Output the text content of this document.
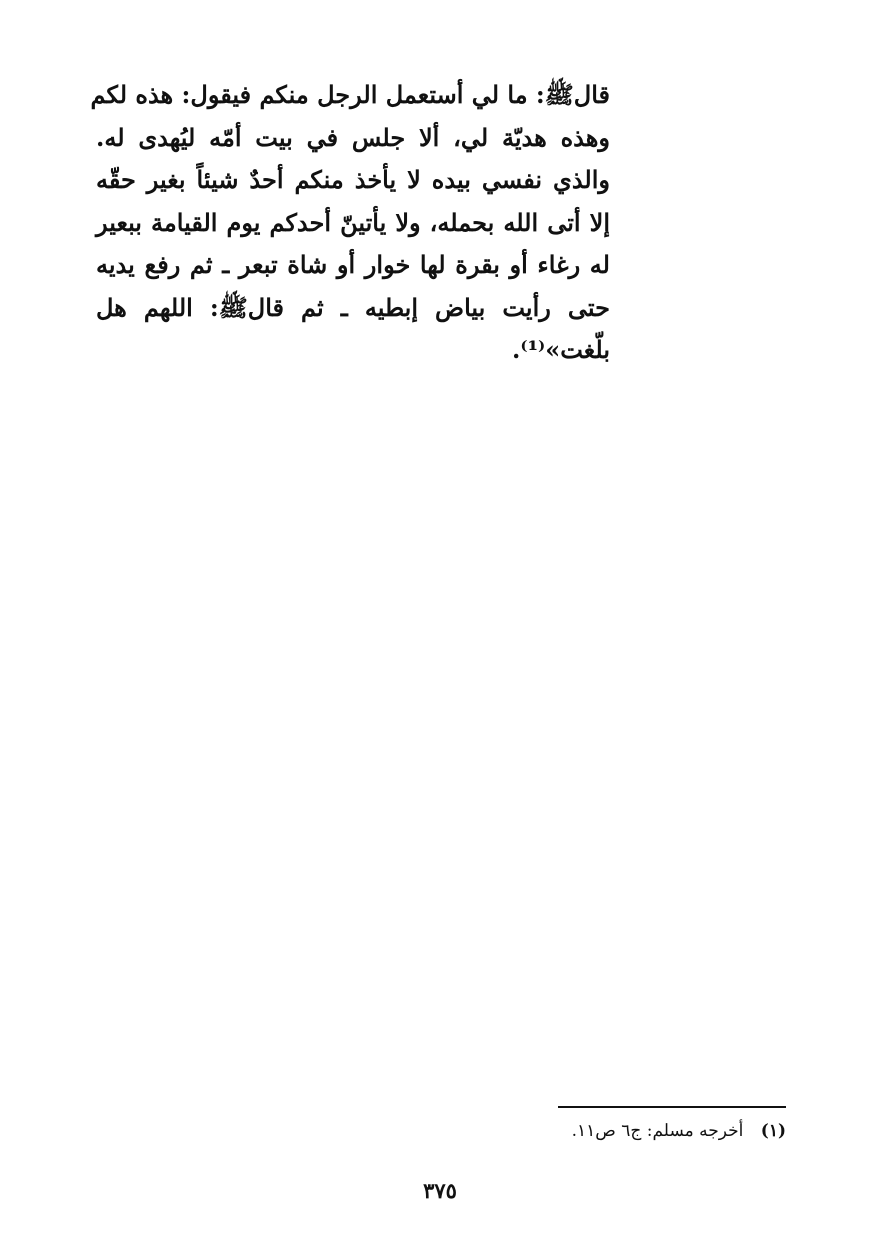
قالﷺ: ما لي أستعمل الرجل منكم فيقول: هذه لكم
وهذه هديّة لي، ألا جلس في بيت أمّه ليُهدى له.
والذي نفسي بيده لا يأخذ منكم أحدٌ شيئاً بغير حقّه
إلا أتى الله بحمله، ولا يأتينّ أحدكم يوم القيامة ببعير
له رغاء أو بقرة لها خوار أو شاة تبعر ـ ثم رفع يديه
حتى رأيت بياض إبطيه ـ ثم قالﷺ: اللهم هل
بلّغت»⁽¹⁾.
(١) أخرجه مسلم: ج٦ ص١١.
٣٧٥
